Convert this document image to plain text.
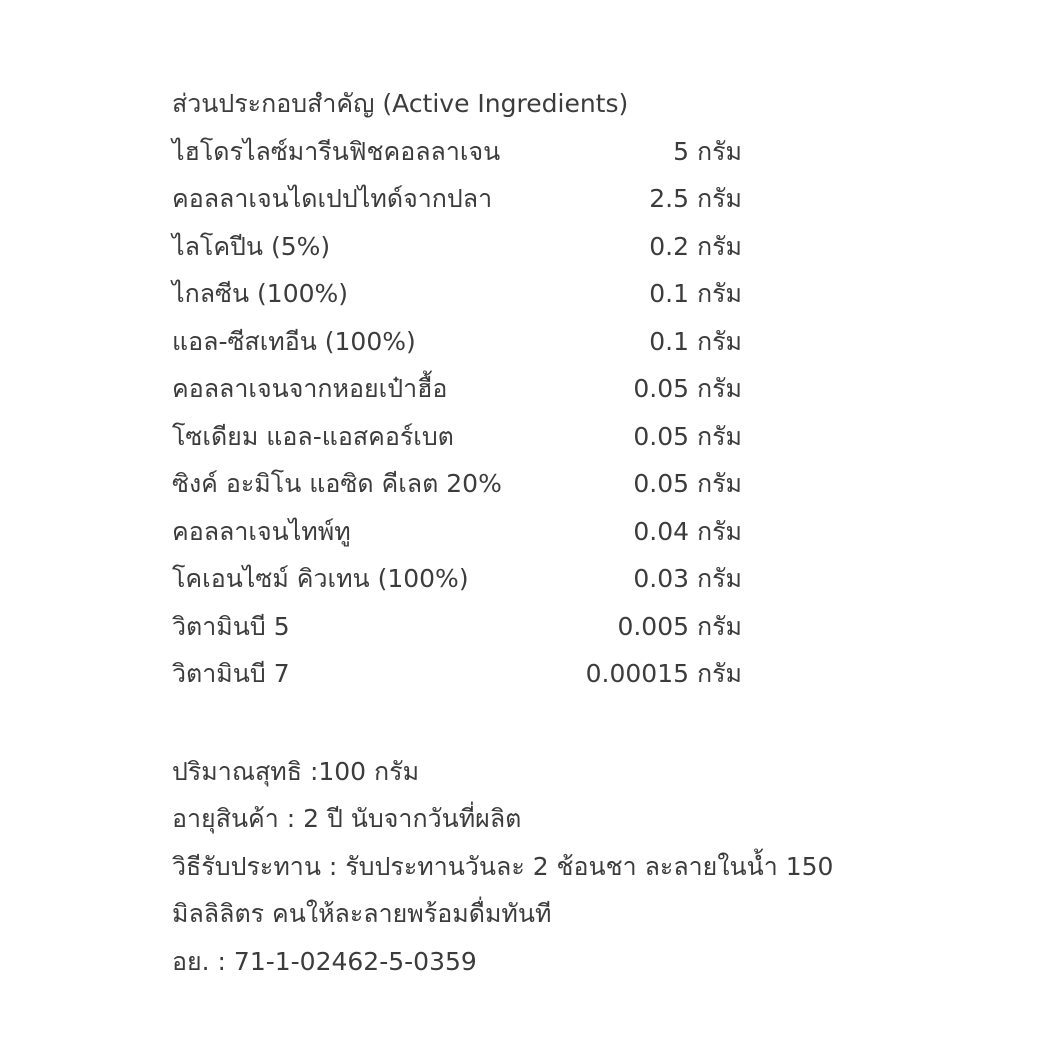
ส่วนประกอบสำคัญ (Active Ingredients)
ไฮโดรไลซ์มารีนฟิชคอลลาเจน	5 กรัม
คอลลาเจนไดเปปไทด์จากปลา	2.5 กรัม
ไลโคปีน (5%)	0.2 กรัม
ไกลซีน (100%)	0.1 กรัม
แอล-ซีสเทอีน (100%)	0.1 กรัม
คอลลาเจนจากหอยเป๋าฮื้อ	0.05 กรัม
โซเดียม แอล-แอสคอร์เบต	0.05 กรัม
ซิงค์ อะมิโน แอซิด คีเลต 20%	0.05 กรัม
คอลลาเจนไทพ์ทู	0.04 กรัม
โคเอนไซม์ คิวเทน (100%)	0.03 กรัม
วิตามินบี 5	0.005 กรัม
วิตามินบี 7	0.00015 กรัม
ปริมาณสุทธิ :100 กรัม
อายุสินค้า : 2 ปี นับจากวันที่ผลิต
วิธีรับประทาน : รับประทานวันละ 2 ช้อนชา ละลายในน้ำ 150
มิลลิลิตร คนให้ละลายพร้อมดื่มทันที
อย. : 71-1-02462-5-0359
